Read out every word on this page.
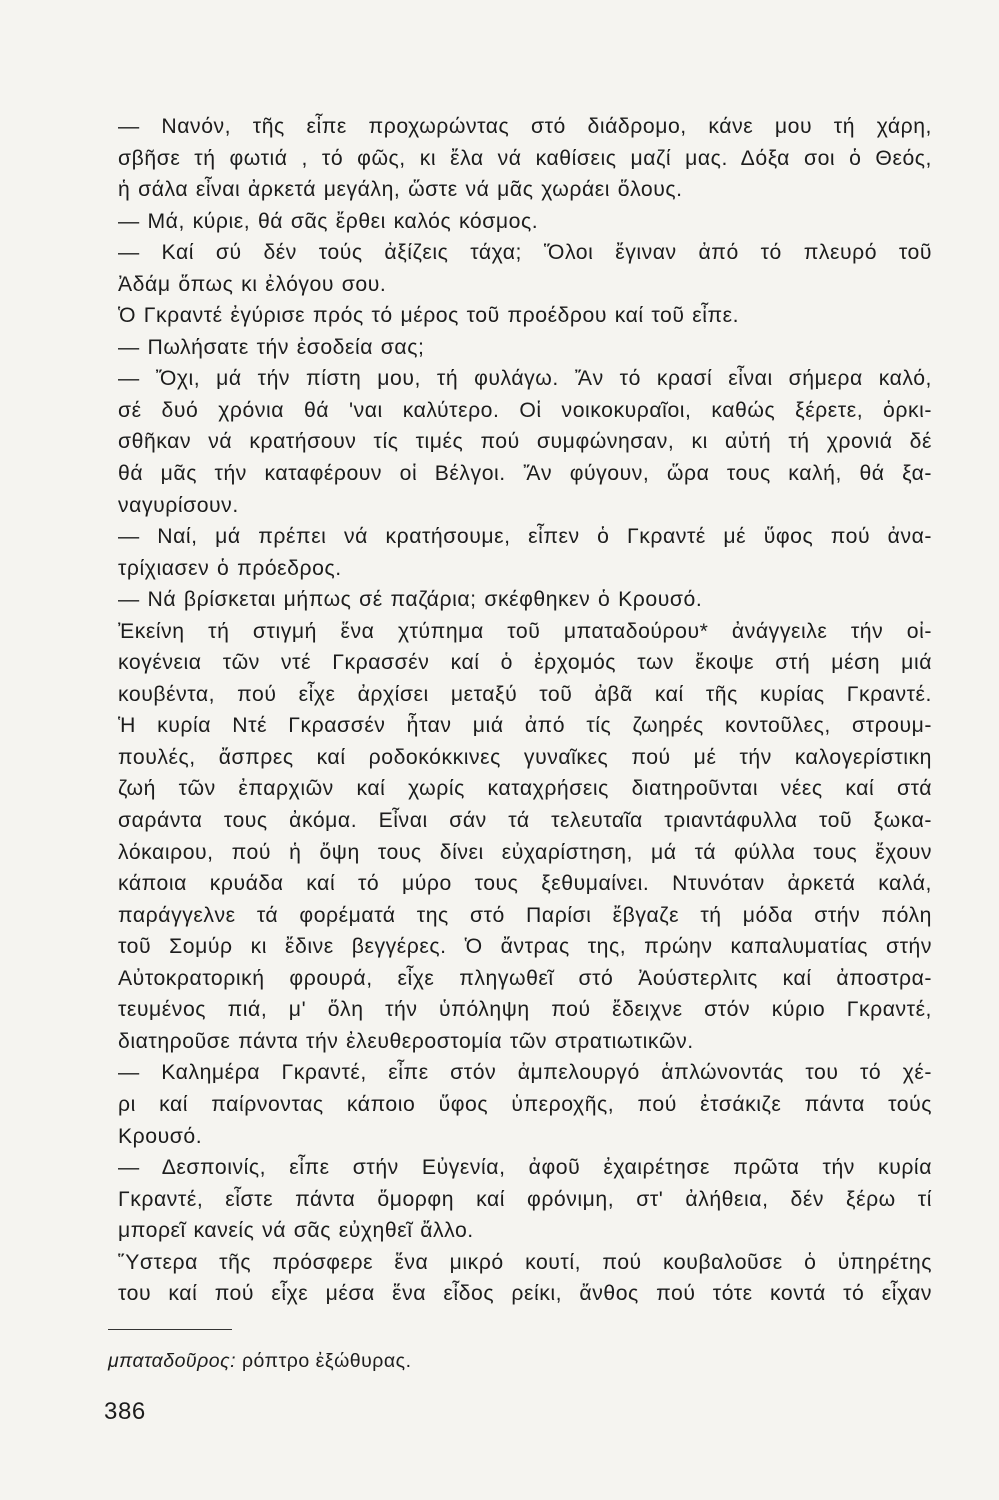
— Νανόν, τῆς εἶπε προχωρώντας στό διάδρομο, κάνε μου τή χάρη,
σβῆσε τή φωτιά , τό φῶς, κι ἔλα νά καθίσεις μαζί μας. Δόξα σοι ὁ Θεός,
ἡ σάλα εἶναι ἀρκετά μεγάλη, ὥστε νά μᾶς χωράει ὅλους.
— Μά, κύριε, θά σᾶς ἔρθει καλός κόσμος.
— Καί σύ δέν τούς ἀξίζεις τάχα; Ὅλοι ἔγιναν ἀπό τό πλευρό τοῦ
Ἀδάμ ὅπως κι ἐλόγου σου.
Ὁ Γκραντέ ἐγύρισε πρός τό μέρος τοῦ προέδρου καί τοῦ εἶπε.
— Πωλήσατε τήν ἐσοδεία σας;
— Ὄχι, μά τήν πίστη μου, τή φυλάγω. Ἄν τό κρασί εἶναι σήμερα καλό,
σέ δυό χρόνια θά 'ναι καλύτερο. Οἱ νοικοκυραῖοι, καθώς ξέρετε, ὁρκι-
σθῆκαν νά κρατήσουν τίς τιμές πού συμφώνησαν, κι αὐτή τή χρονιά δέ
θά μᾶς τήν καταφέρουν οἱ Βέλγοι. Ἄν φύγουν, ὥρα τους καλή, θά ξα-
ναγυρίσουν.
— Ναί, μά πρέπει νά κρατήσουμε, εἶπεν ὁ Γκραντέ μέ ὕφος πού ἀνα-
τρίχιασεν ὁ πρόεδρος.
— Νά βρίσκεται μήπως σέ παζάρια; σκέφθηκεν ὁ Κρουσό.
Ἐκείνη τή στιγμή ἕνα χτύπημα τοῦ μπαταδούρου* ἀνάγγειλε τήν οἰ-
κογένεια τῶν ντέ Γκρασσέν καί ὁ ἐρχομός των ἔκοψε στή μέση μιά
κουβέντα, πού εἶχε ἀρχίσει μεταξύ τοῦ ἀβᾶ καί τῆς κυρίας Γκραντέ.
Ἡ κυρία Ντέ Γκρασσέν ἦταν μιά ἀπό τίς ζωηρές κοντοῦλες, στρουμ-
πουλές, ἄσπρες καί ροδοκόκκινες γυναῖκες πού μέ τήν καλογερίστικη
ζωή τῶν ἐπαρχιῶν καί χωρίς καταχρήσεις διατηροῦνται νέες καί στά
σαράντα τους ἀκόμα. Εἶναι σάν τά τελευταῖα τριαντάφυλλα τοῦ ξωκα-
λόκαιρου, πού ἡ ὄψη τους δίνει εὐχαρίστηση, μά τά φύλλα τους ἔχουν
κάποια κρυάδα καί τό μύρο τους ξεθυμαίνει. Ντυνόταν ἀρκετά καλά,
παράγγελνε τά φορέματά της στό Παρίσι ἔβγαζε τή μόδα στήν πόλη
τοῦ Σομύρ κι ἔδινε βεγγέρες. Ὁ ἄντρας της, πρώην καπαλυματίας στήν
Αὐτοκρατορική φρουρά, εἶχε πληγωθεῖ στό Ἀούστερλιτς καί ἀποστρα-
τευμένος πιά, μ' ὅλη τήν ὑπόληψη πού ἔδειχνε στόν κύριο Γκραντέ,
διατηροῦσε πάντα τήν ἐλευθεροστομία τῶν στρατιωτικῶν.
— Καλημέρα Γκραντέ, εἶπε στόν ἀμπελουργό ἁπλώνοντάς του τό χέ-
ρι καί παίρνοντας κάποιο ὕφος ὑπεροχῆς, πού ἐτσάκιζε πάντα τούς
Κρουσό.
— Δεσποινίς, εἶπε στήν Εὐγενία, ἀφοῦ ἐχαιρέτησε πρῶτα τήν κυρία
Γκραντέ, εἶστε πάντα ὅμορφη καί φρόνιμη, στ' ἀλήθεια, δέν ξέρω τί
μπορεῖ κανείς νά σᾶς εὐχηθεῖ ἄλλο.
Ὕστερα τῆς πρόσφερε ἕνα μικρό κουτί, πού κουβαλοῦσε ὁ ὑπηρέτης
του καί πού εἶχε μέσα ἕνα εἶδος ρείκι, ἄνθος πού τότε κοντά τό εἶχαν
μπαταδοῦρος: ρόπτρο ἐξώθυρας.
386
